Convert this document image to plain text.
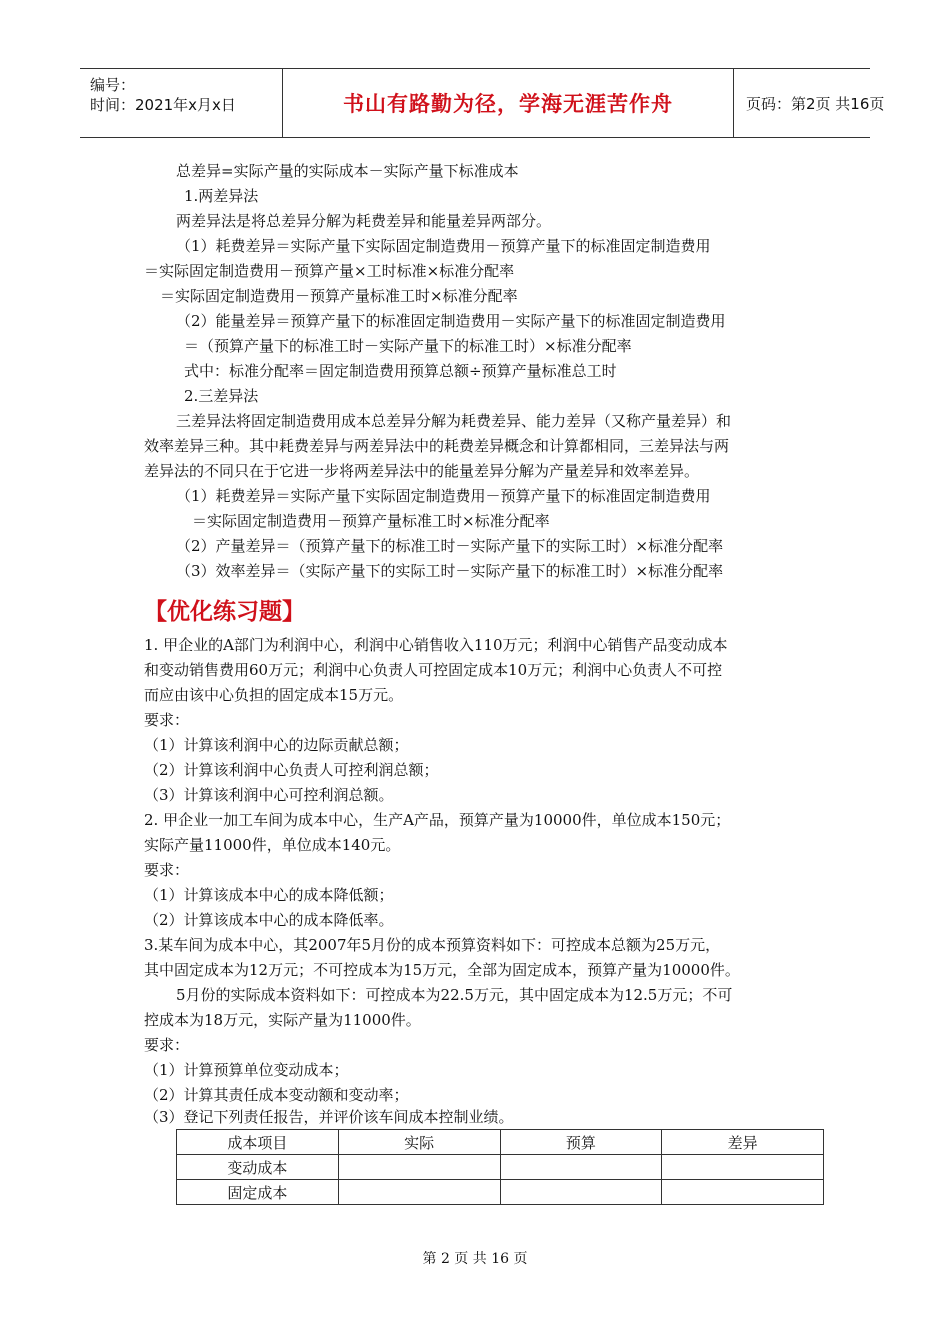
编号：
时间：2021年x月x日	书山有路勤为径，学海无涯苦作舟	页码：第2页 共16页
总差异=实际产量的实际成本－实际产量下标准成本
1.两差异法
两差异法是将总差异分解为耗费差异和能量差异两部分。
（1）耗费差异＝实际产量下实际固定制造费用－预算产量下的标准固定制造费用
＝实际固定制造费用－预算产量×工时标准×标准分配率
＝实际固定制造费用－预算产量标准工时×标准分配率
（2）能量差异＝预算产量下的标准固定制造费用－实际产量下的标准固定制造费用
＝（预算产量下的标准工时－实际产量下的标准工时）×标准分配率
式中：标准分配率＝固定制造费用预算总额÷预算产量标准总工时
2.三差异法
三差异法将固定制造费用成本总差异分解为耗费差异、能力差异（又称产量差异）和
效率差异三种。其中耗费差异与两差异法中的耗费差异概念和计算都相同，三差异法与两
差异法的不同只在于它进一步将两差异法中的能量差异分解为产量差异和效率差异。
（1）耗费差异＝实际产量下实际固定制造费用－预算产量下的标准固定制造费用
＝实际固定制造费用－预算产量标准工时×标准分配率
（2）产量差异＝（预算产量下的标准工时－实际产量下的实际工时）×标准分配率
（3）效率差异＝（实际产量下的实际工时－实际产量下的标准工时）×标准分配率
【优化练习题】
1. 甲企业的A部门为利润中心，利润中心销售收入110万元；利润中心销售产品变动成本
和变动销售费用60万元；利润中心负责人可控固定成本10万元；利润中心负责人不可控
而应由该中心负担的固定成本15万元。
要求：
（1）计算该利润中心的边际贡献总额；
（2）计算该利润中心负责人可控利润总额；
（3）计算该利润中心可控利润总额。
2. 甲企业一加工车间为成本中心，生产A产品，预算产量为10000件，单位成本150元；
实际产量11000件，单位成本140元。
要求：
（1）计算该成本中心的成本降低额；
（2）计算该成本中心的成本降低率。
3.某车间为成本中心，其2007年5月份的成本预算资料如下：可控成本总额为25万元，
其中固定成本为12万元；不可控成本为15万元，全部为固定成本，预算产量为10000件。
5月份的实际成本资料如下：可控成本为22.5万元，其中固定成本为12.5万元；不可
控成本为18万元，实际产量为11000件。
要求：
（1）计算预算单位变动成本；
（2）计算其责任成本变动额和变动率；
（3）登记下列责任报告，并评价该车间成本控制业绩。
成本项目	实际	预算	差异
变动成本			
固定成本			
第 2 页 共 16 页
